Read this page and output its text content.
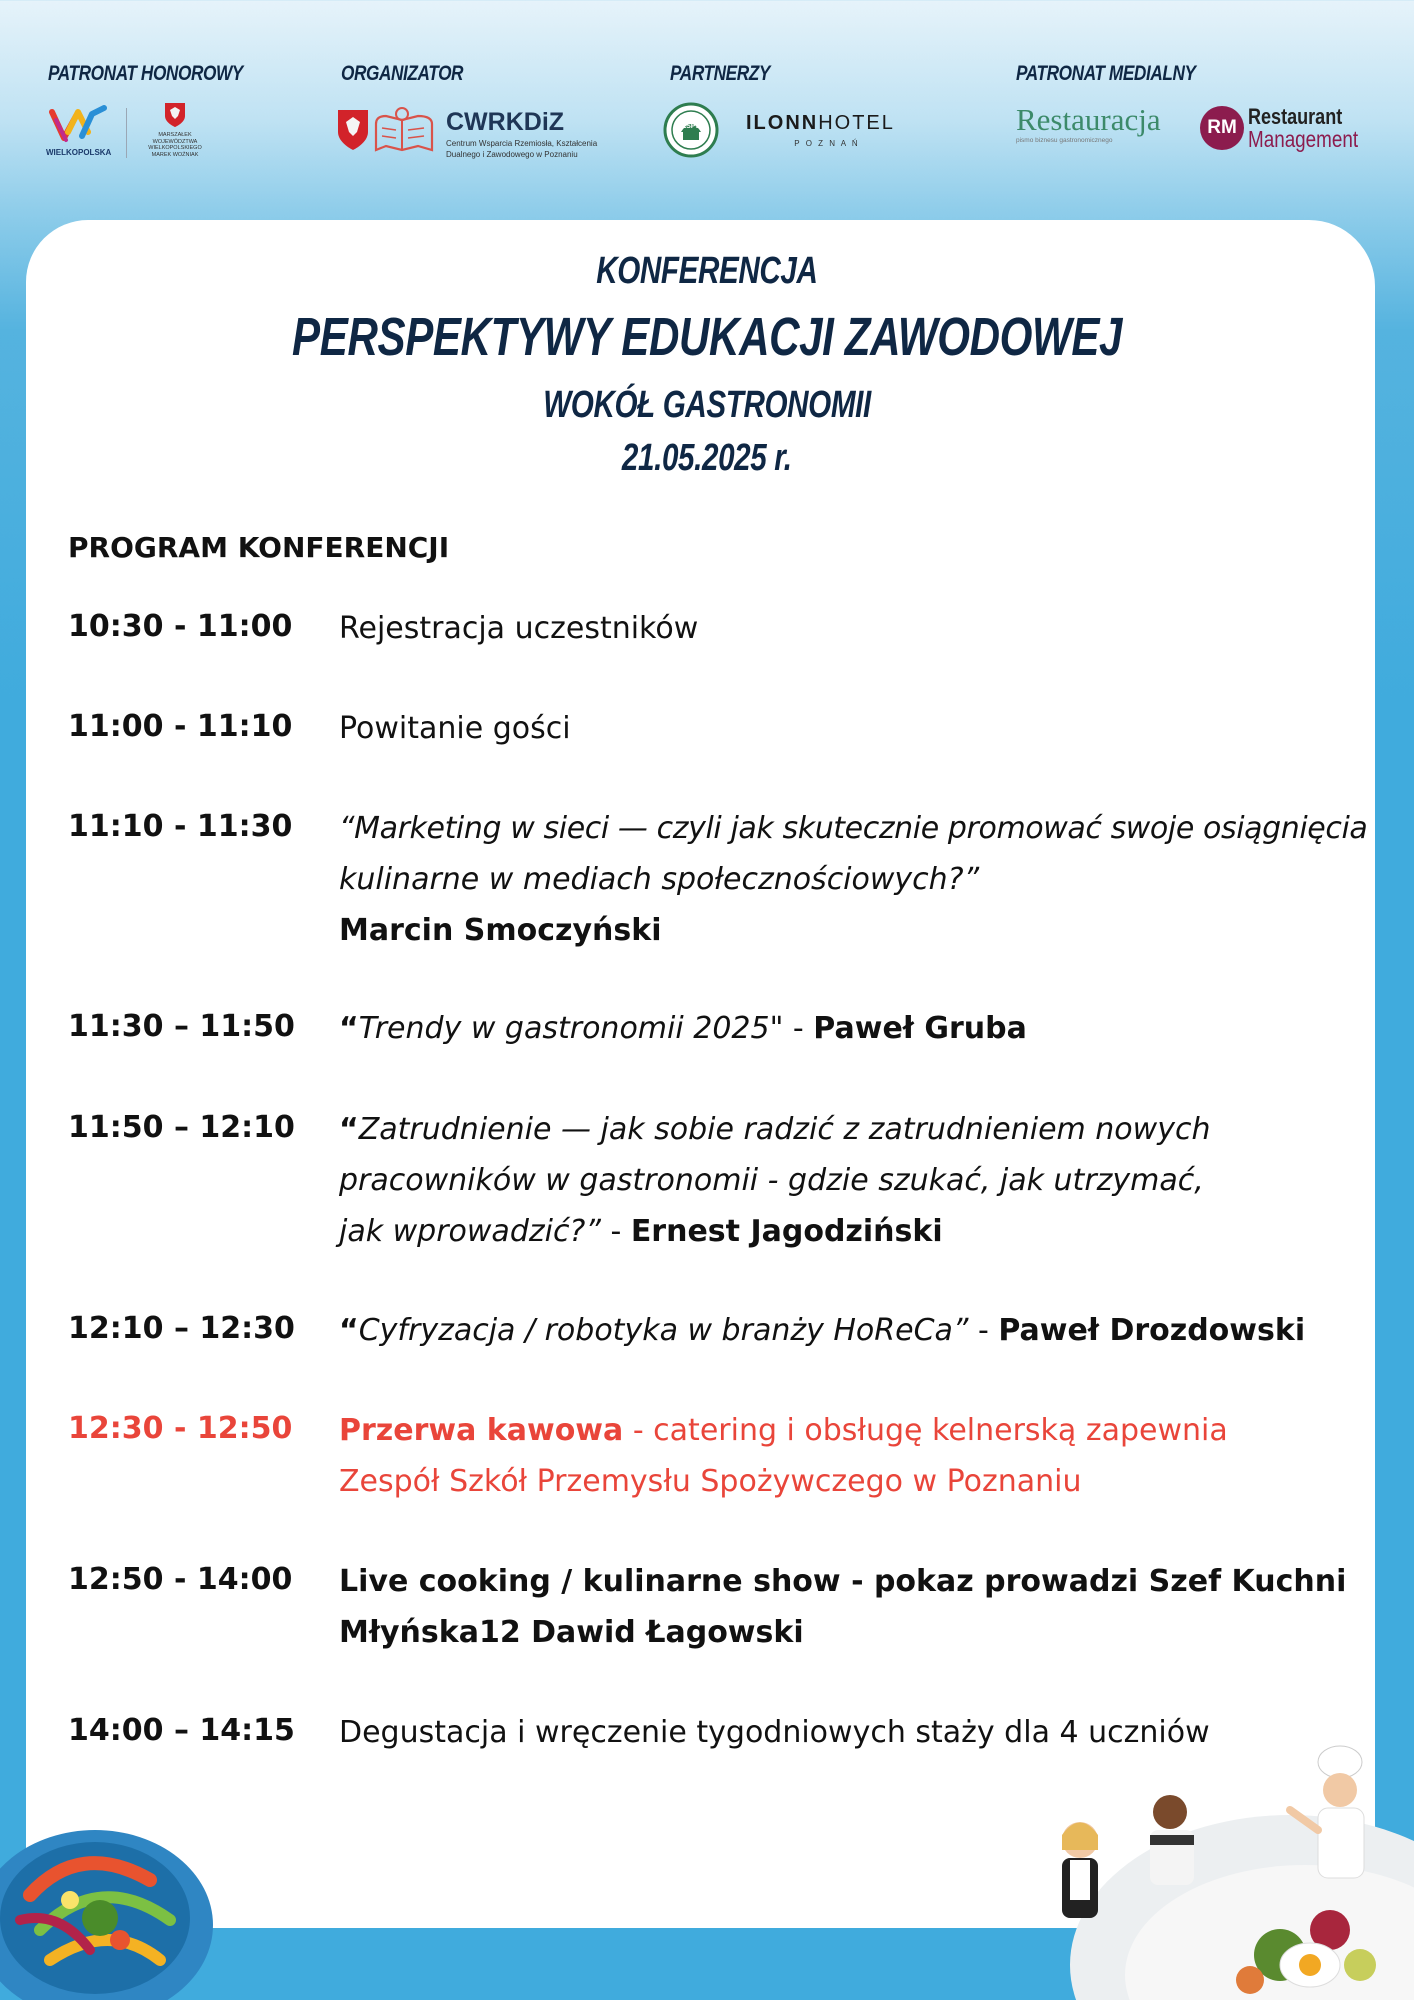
PATRONAT HONOROWY	ORGANIZATOR	PARTNERZY	PATRONAT MEDIALNY
WIELKOPOLSKA
MARSZAŁEK WOJEWÓDZTWA WIELKOPOLSKIEGO MAREK WOŹNIAK
CWRKDiZ
Centrum Wsparcia Rzemiosła, Kształcenia
Dualnego i Zawodowego w Poznaniu
ZSPS	ILONNHOTEL
P O Z N A Ń
Restauracja
pismo biznesu gastronomicznego
RM Restaurant
Management
KONFERENCJA
PERSPEKTYWY EDUKACJI ZAWODOWEJ
WOKÓŁ GASTRONOMII
21.05.2025 r.
PROGRAM KONFERENCJI
10:30 - 11:00 Rejestracja uczestników
11:00 - 11:10 Powitanie gości
11:10 - 11:30 “Marketing w sieci — czyli jak skutecznie promować swoje osiągnięcia
kulinarne w mediach społecznościowych?”
Marcin Smoczyński
11:30 – 11:50 “Trendy w gastronomii 2025" - Paweł Gruba
11:50 – 12:10 “Zatrudnienie — jak sobie radzić z zatrudnieniem nowych
pracowników w gastronomii - gdzie szukać, jak utrzymać,
jak wprowadzić?” - Ernest Jagodziński
12:10 – 12:30 “Cyfryzacja / robotyka w branży HoReCa” - Paweł Drozdowski
12:30 - 12:50 Przerwa kawowa - catering i obsługę kelnerską zapewnia
Zespół Szkół Przemysłu Spożywczego w Poznaniu
12:50 - 14:00 Live cooking / kulinarne show - pokaz prowadzi Szef Kuchni
Młyńska12 Dawid Łagowski
14:00 – 14:15 Degustacja i wręczenie tygodniowych staży dla 4 uczniów
